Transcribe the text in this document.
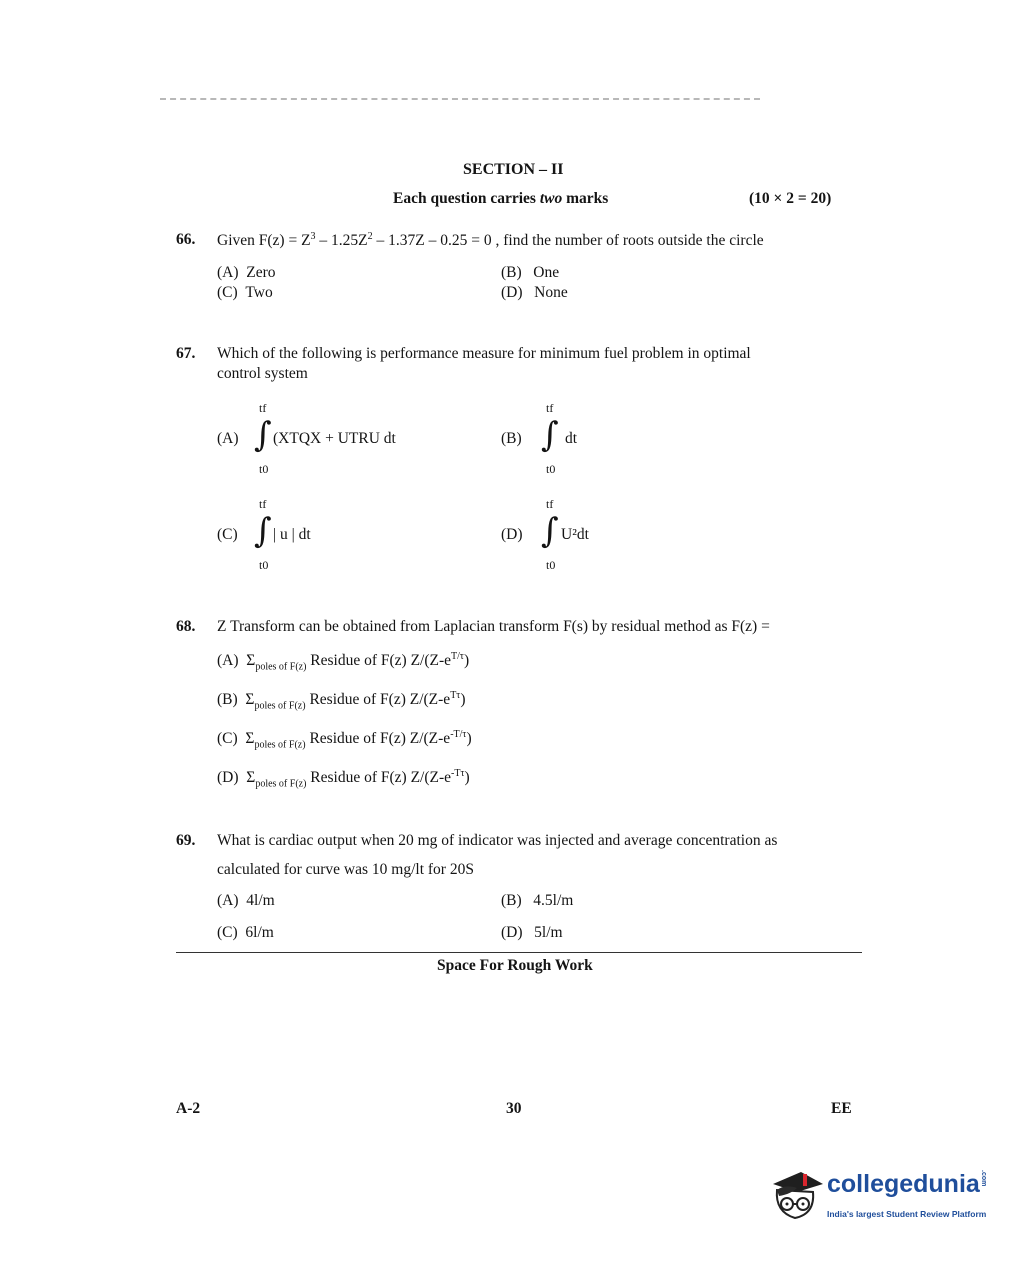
SECTION – II
Each question carries two marks	(10 × 2 = 20)
66. Given $F(z) = Z^3 - 1.25Z^2 - 1.37Z - 0.25 = 0$ , find the number of roots outside the circle
(A) Zero	(B) One
(C) Two	(D) None
67. Which of the following is performance measure for minimum fuel problem in optimal
control system
(A)
tf
∫ (XTQX + UTRU dt
t0
(B)
tf
∫ dt
t0
(C)
tf
∫ | u | dt
t0
(D)
tf
∫ U²dt
t0
68. Z Transform can be obtained from Laplacian transform F(s) by residual method as F(z) =
(A) $\Sigma_{poles of F(z)}$ Residue of F(z) $Z/(Z-e^{T/\tau})$
(B) $\Sigma_{poles of F(z)}$ Residue of F(z) $Z/(Z-e^{T\tau})$
(C) $\Sigma_{poles of F(z)}$ Residue of F(z) $Z/(Z-e^{-T/\tau})$
(D) $\Sigma_{poles of F(z)}$ Residue of F(z) $Z/(Z-e^{-T\tau})$
69. What is cardiac output when 20 mg of indicator was injected and average concentration as
calculated for curve was 10 mg/lt for 20S
(A) 4l/m	(B) 4.5l/m
(C) 6l/m	(D) 5l/m
Space For Rough Work
A-2	30	EE
collegedunia.com
India's largest Student Review Platform
